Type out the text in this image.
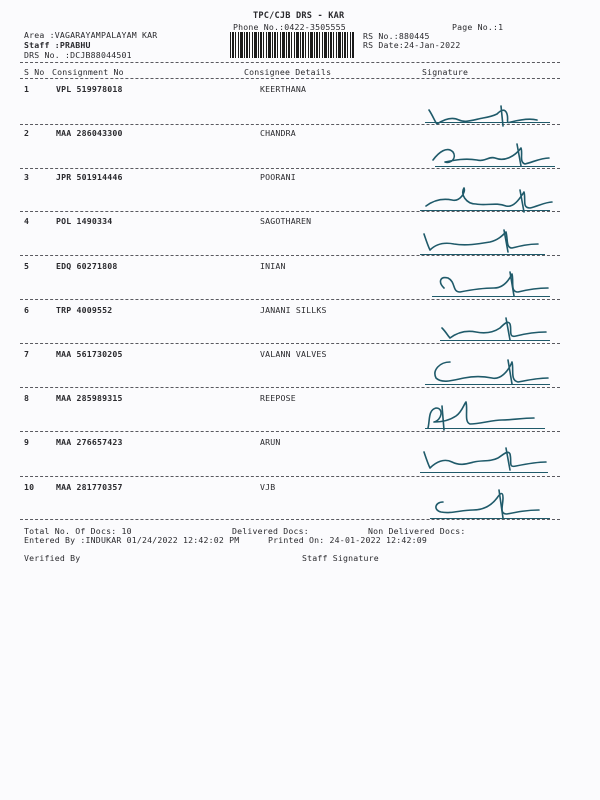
TPC/CJB DRS - KAR
Phone No.:0422-3505555	Page No.:1
Area :VAGARAYAMPALAYAM KAR
Staff :PRABHU
DRS No. :DCJB88044501
RS No.:880445
RS Date:24-Jan-2022
S No Consignment No	Consignee Details	Signature
1	VPL 519978018	KEERTHANA
2	MAA 286043300	CHANDRA
3	JPR 501914446	POORANI
4	POL 1490334	SAGOTHAREN
5	EDQ 60271808	INIAN
6	TRP 4009552	JANANI SILLKS
7	MAA 561730205	VALANN VALVES
8	MAA 285989315	REEPOSE
9	MAA 276657423	ARUN
10	MAA 281770357	VJB
Total No. Of Docs: 10	Delivered Docs:	Non Delivered Docs:
Entered By :INDUKAR 01/24/2022 12:42:02 PM	Printed On: 24-01-2022 12:42:09
Verified By	Staff Signature
